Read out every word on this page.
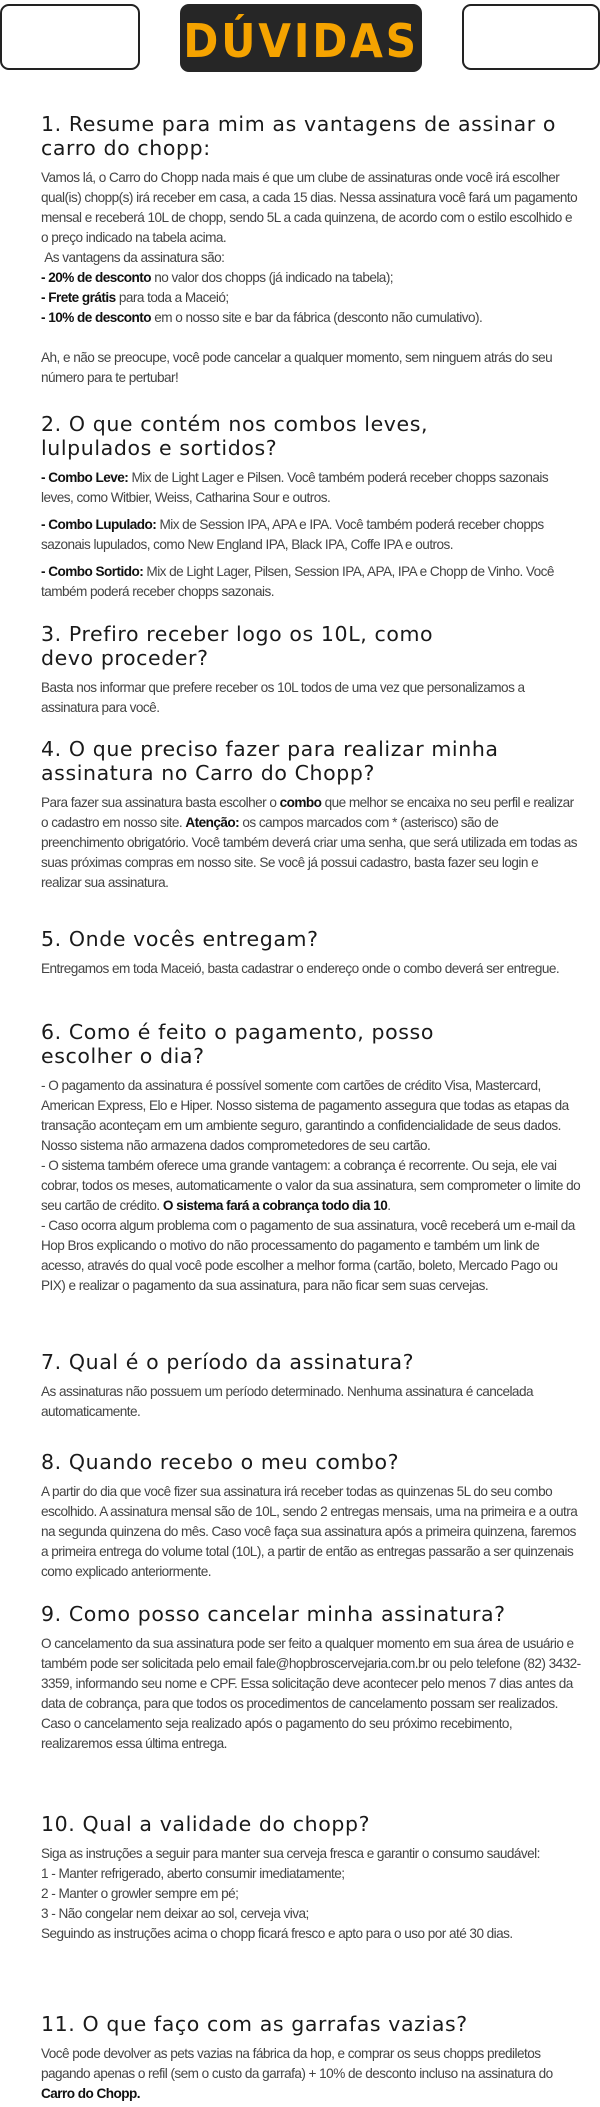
DÚVIDAS
1. Resume para mim as vantagens de assinar o carro do chopp:
Vamos lá, o Carro do Chopp nada mais é que um clube de assinaturas onde você irá escolher qual(is) chopp(s) irá receber em casa, a cada 15 dias. Nessa assinatura você fará um pagamento mensal e receberá 10L de chopp, sendo 5L a cada quinzena, de acordo com o estilo escolhido e o preço indicado na tabela acima.
As vantagens da assinatura são:
- 20% de desconto no valor dos chopps (já indicado na tabela);
- Frete grátis para toda a Maceió;
- 10% de desconto em o nosso site e bar da fábrica (desconto não cumulativo).
Ah, e não se preocupe, você pode cancelar a qualquer momento, sem ninguem atrás do seu número para te pertubar!
2. O que contém nos combos leves, lulpulados e sortidos?
- Combo Leve: Mix de Light Lager e Pilsen. Você também poderá receber chopps sazonais leves, como Witbier, Weiss, Catharina Sour e outros.
- Combo Lupulado: Mix de Session IPA, APA e IPA. Você também poderá receber chopps sazonais lupulados, como New England IPA, Black IPA, Coffe IPA e outros.
- Combo Sortido: Mix de Light Lager, Pilsen, Session IPA, APA, IPA e Chopp de Vinho. Você também poderá receber chopps sazonais.
3. Prefiro receber logo os 10L, como devo proceder?
Basta nos informar que prefere receber os 10L todos de uma vez que personalizamos a assinatura para você.
4. O que preciso fazer para realizar minha assinatura no Carro do Chopp?
Para fazer sua assinatura basta escolher o combo que melhor se encaixa no seu perfil e realizar o cadastro em nosso site. Atenção: os campos marcados com * (asterisco) são de preenchimento obrigatório. Você também deverá criar uma senha, que será utilizada em todas as suas próximas compras em nosso site. Se você já possui cadastro, basta fazer seu login e realizar sua assinatura.
5. Onde vocês entregam?
Entregamos em toda Maceió, basta cadastrar o endereço onde o combo deverá ser entregue.
6. Como é feito o pagamento, posso escolher o dia?
- O pagamento da assinatura é possível somente com cartões de crédito Visa, Mastercard, American Express, Elo e Hiper. Nosso sistema de pagamento assegura que todas as etapas da transação aconteçam em um ambiente seguro, garantindo a confidencialidade de seus dados. Nosso sistema não armazena dados comprometedores de seu cartão.
- O sistema também oferece uma grande vantagem: a cobrança é recorrente. Ou seja, ele vai cobrar, todos os meses, automaticamente o valor da sua assinatura, sem comprometer o limite do seu cartão de crédito. O sistema fará a cobrança todo dia 10.
- Caso ocorra algum problema com o pagamento de sua assinatura, você receberá um e-mail da Hop Bros explicando o motivo do não processamento do pagamento e também um link de acesso, através do qual você pode escolher a melhor forma (cartão, boleto, Mercado Pago ou PIX) e realizar o pagamento da sua assinatura, para não ficar sem suas cervejas.
7. Qual é o período da assinatura?
As assinaturas não possuem um período determinado. Nenhuma assinatura é cancelada automaticamente.
8. Quando recebo o meu combo?
A partir do dia que você fizer sua assinatura irá receber todas as quinzenas 5L do seu combo escolhido. A assinatura mensal são de 10L, sendo 2 entregas mensais, uma na primeira e a outra na segunda quinzena do mês. Caso você faça sua assinatura após a primeira quinzena, faremos a primeira entrega do volume total (10L), a partir de então as entregas passarão a ser quinzenais como explicado anteriormente.
9. Como posso cancelar minha assinatura?
O cancelamento da sua assinatura pode ser feito a qualquer momento em sua área de usuário e também pode ser solicitada pelo email fale@hopbroscervejaria.com.br ou pelo telefone (82) 3432-3359, informando seu nome e CPF. Essa solicitação deve acontecer pelo menos 7 dias antes da data de cobrança, para que todos os procedimentos de cancelamento possam ser realizados. Caso o cancelamento seja realizado após o pagamento do seu próximo recebimento, realizaremos essa última entrega.
10. Qual a validade do chopp?
Siga as instruções a seguir para manter sua cerveja fresca e garantir o consumo saudável:
1 - Manter refrigerado, aberto consumir imediatamente;
2 - Manter o growler sempre em pé;
3 - Não congelar nem deixar ao sol, cerveja viva;
Seguindo as instruções acima o chopp ficará fresco e apto para o uso por até 30 dias.
11. O que faço com as garrafas vazias?
Você pode devolver as pets vazias na fábrica da hop, e comprar os seus chopps prediletos pagando apenas o refil (sem o custo da garrafa) + 10% de desconto incluso na assinatura do Carro do Chopp.
